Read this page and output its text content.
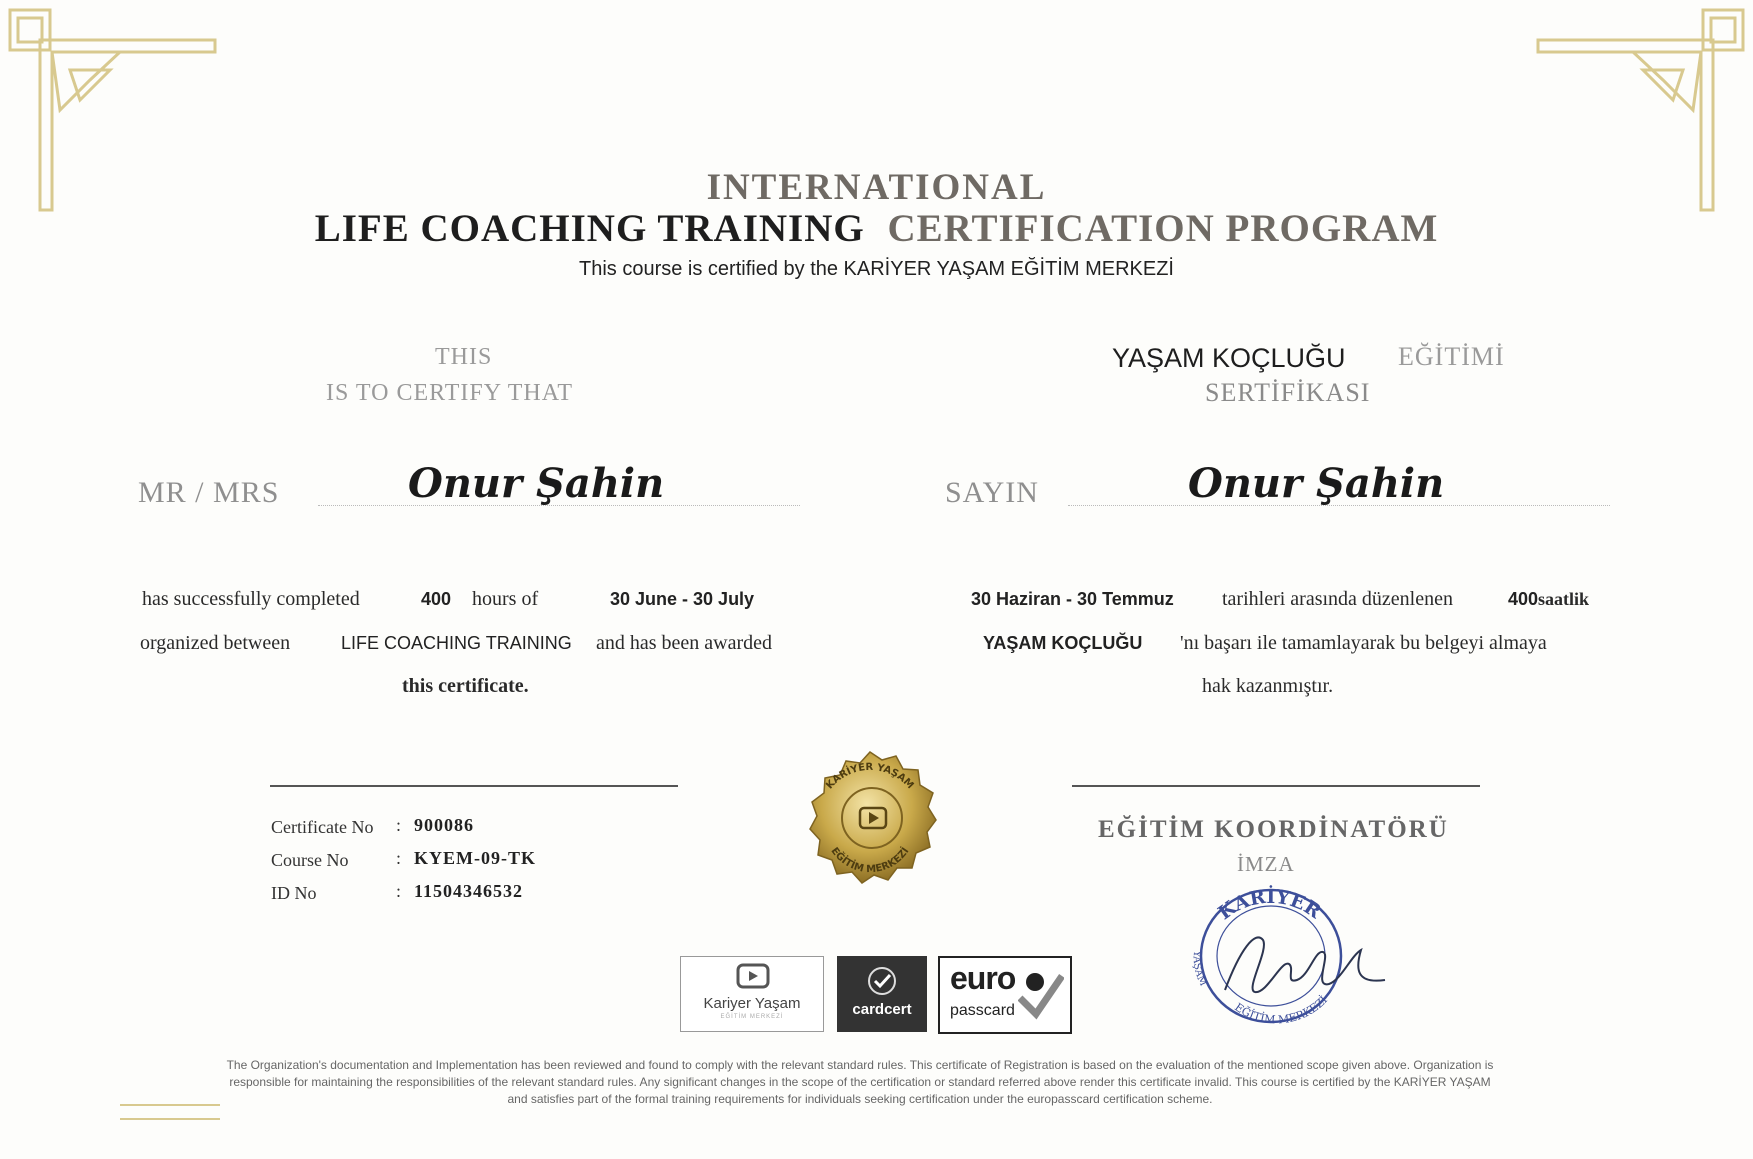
INTERNATIONAL
LIFE COACHING TRAINING CERTIFICATION PROGRAM
This course is certified by the KARİYER YAŞAM EĞİTİM MERKEZİ
THIS
IS TO CERTIFY THAT
MR / MRS	Onur Şahin
has successfully completed	400 hours of	30 June - 30 July
organized between	LIFE COACHING TRAINING and has been awarded
this certificate.
YAŞAM KOÇLUĞU EĞİTİMİ
SERTİFİKASI
SAYIN	Onur Şahin
30 Haziran - 30 Temmuz tarihleri arasında düzenlenen	400saatlik
YAŞAM KOÇLUĞU 'nı başarı ile tamamlayarak bu belgeyi almaya
hak kazanmıştır.
Certificate No : 900086
Course No	: KYEM-09-TK
ID No	: 11504346532
KARİYER YAŞAM
EĞİTİM MERKEZİ
EĞİTİM KOORDİNATÖRÜ
İMZA
KARİYER
YAŞAM
EĞİTİM MERKEZİ
Kariyer Yaşam
EĞİTİM MERKEZİ	cardcert
euro
passcard
The Organization's documentation and Implementation has been reviewed and found to comply with the relevant standard rules. This certificate of Registration is based on the evaluation of the mentioned scope given above. Organization is
responsible for maintaining the responsibilities of the relevant standard rules. Any significant changes in the scope of the certification or standard referred above render this certificate invalid. This course is certified by the KARİYER YAŞAM
and satisfies part of the formal training requirements for individuals seeking certification under the europasscard certification scheme.
